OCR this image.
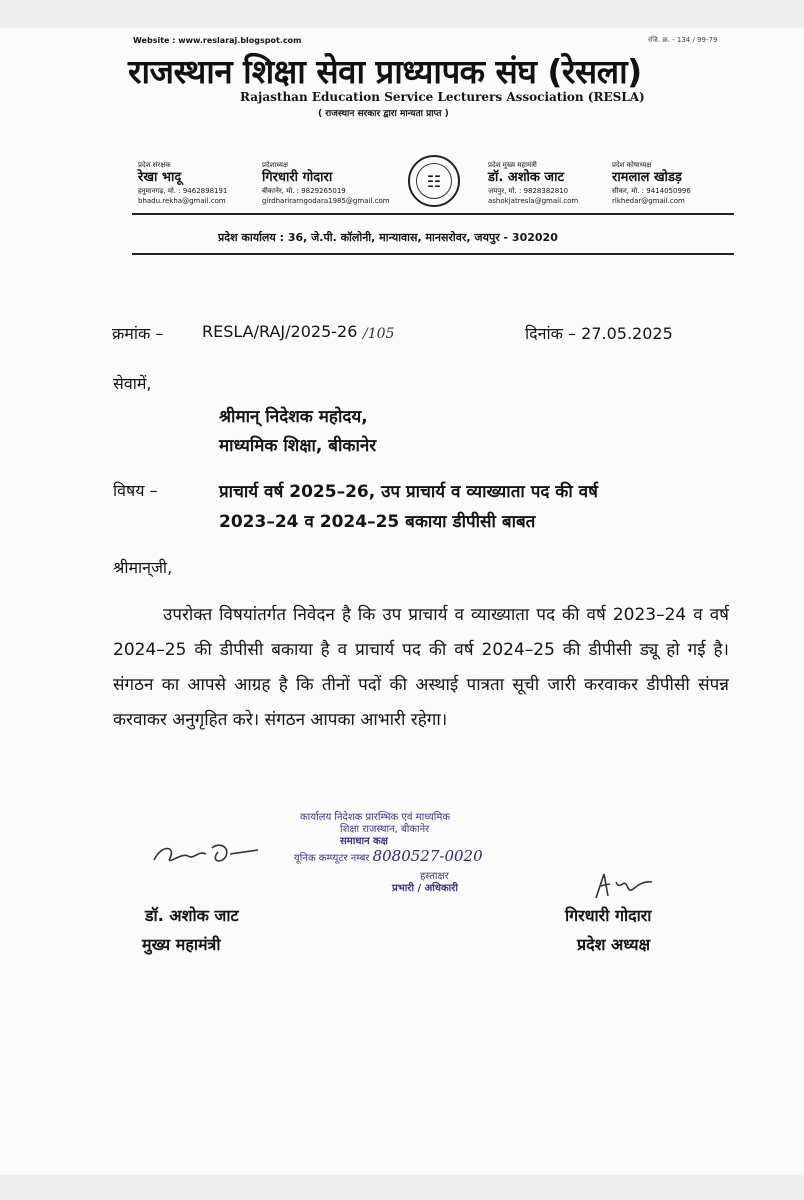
Website : www.reslaraj.blogspot.com	रजि. क्र. - 134 / 99-79
राजस्थान शिक्षा सेवा प्राध्यापक संघ (रेसला)
Rajasthan Education Service Lecturers Association (RESLA)
( राजस्थान सरकार द्वारा मान्यता प्राप्त )
प्रदेश संरक्षक
रेखा भादू
हनुमानगढ़, मो. : 9462898191
bhadu.rekha@gmail.com
प्रदेशाध्यक्ष
गिरधारी गोदारा
बीकानेर, मो. : 9829265019
girdharirarngodara1985@gmail.com
☷
प्रदेश मुख्य महामंत्री
डॉ. अशोक जाट
जयपुर, मो. : 9828382810
ashokjatresla@gmail.com
प्रदेश कोषाध्यक्ष
रामलाल खोडड़
सीकर, मो. : 9414050996
rlkhedar@gmail.com
प्रदेश कार्यालय : 36, जे.पी. कॉलोनी, मान्यावास, मानसरोवर, जयपुर - 302020
क्रमांक – RESLA/RAJ/2025-26 /105	दिनांक – 27.05.2025
सेवामें,
श्रीमान् निदेशक महोदय,
माध्यमिक शिक्षा, बीकानेर
विषय –	प्राचार्य वर्ष 2025–26, उप प्राचार्य व व्याख्याता पद की वर्ष
2023–24 व 2024–25 बकाया डीपीसी बाबत
श्रीमान्‌जी,
उपरोक्त विषयांतर्गत निवेदन है कि उप प्राचार्य व व्याख्याता पद की वर्ष 2023–24 व वर्ष 2024–25 की डीपीसी बकाया है व प्राचार्य पद की वर्ष 2024–25 की डीपीसी ड्यू हो गई है। संगठन का आपसे आग्रह है कि तीनों पदों की अस्थाई पात्रता सूची जारी करवाकर डीपीसी संपन्न करवाकर अनुगृहित करे। संगठन आपका आभारी रहेगा।
कार्यालय निदेशक प्रारम्भिक एवं माध्यमिक
शिक्षा राजस्थान, बीकानेर
समाधान कक्ष
यूनिक कम्प्यूटर नम्बर 8080527-0020
हस्ताक्षर
प्रभारी / अधिकारी
डॉ. अशोक जाट
मुख्य महामंत्री
गिरधारी गोदारा
प्रदेश अध्यक्ष
